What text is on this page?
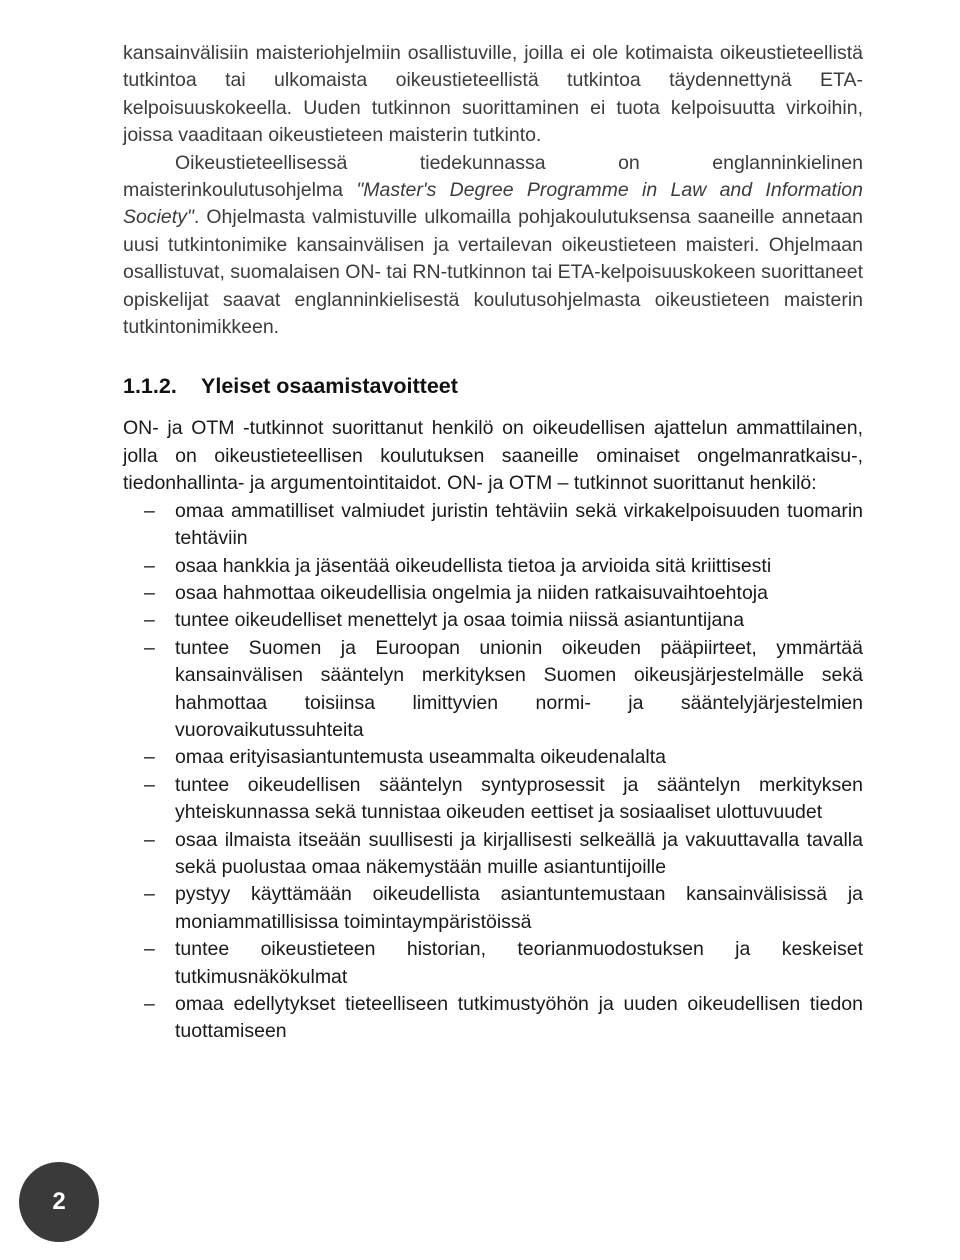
kansainvälisiin maisteriohjelmiin osallistuville, joilla ei ole kotimaista oikeustieteellistä tutkintoa tai ulkomaista oikeustieteellistä tutkintoa täydennettynä ETA-kelpoisuuskokeella. Uuden tutkinnon suorittaminen ei tuota kelpoisuutta virkoihin, joissa vaaditaan oikeustieteen maisterin tutkinto.

Oikeustieteellisessä tiedekunnassa on englanninkielinen maisterinkoulutusohjelma "Master's Degree Programme in Law and Information Society". Ohjelmasta valmistuville ulkomailla pohjakoulutuksensa saaneille annetaan uusi tutkintonimike kansainvälisen ja vertailevan oikeustieteen maisteri. Ohjelmaan osallistuvat, suomalaisen ON- tai RN-tutkinnon tai ETA-kelpoisuuskokeen suorittaneet opiskelijat saavat englanninkielisestä koulutusohjelmasta oikeustieteen maisterin tutkintonimikkeen.

1.1.2.	Yleiset osaamistavoitteet

ON- ja OTM -tutkinnot suorittanut henkilö on oikeudellisen ajattelun ammattilainen, jolla on oikeustieteellisen koulutuksen saaneille ominaiset ongelmanratkaisu-, tiedonhallinta- ja argumentointitaidot. ON- ja OTM – tutkinnot suorittanut henkilö:

– omaa ammatilliset valmiudet juristin tehtäviin sekä virkakelpoisuuden tuomarin tehtäviin
– osaa hankkia ja jäsentää oikeudellista tietoa ja arvioida sitä kriittisesti
– osaa hahmottaa oikeudellisia ongelmia ja niiden ratkaisuvaihtoehtoja
– tuntee oikeudelliset menettelyt ja osaa toimia niissä asiantuntijana
– tuntee Suomen ja Euroopan unionin oikeuden pääpiirteet, ymmärtää kansainvälisen sääntelyn merkityksen Suomen oikeusjärjestelmälle sekä hahmottaa toisiinsa limittyvien normi- ja sääntelyjärjestelmien vuorovaikutussuhteita
– omaa erityisasiantuntemusta useammalta oikeudenalalta
– tuntee oikeudellisen sääntelyn syntyprosessit ja sääntelyn merkityksen yhteiskunnassa sekä tunnistaa oikeuden eettiset ja sosiaaliset ulottuvuudet
– osaa ilmaista itseään suullisesti ja kirjallisesti selkeällä ja vakuuttavalla tavalla sekä puolustaa omaa näkemystään muille asiantuntijoille
– pystyy käyttämään oikeudellista asiantuntemustaan kansainvälisissä ja moniammatillisissa toimintaympäristöissä
– tuntee oikeustieteen historian, teorianmuodostuksen ja keskeiset tutkimusnäkökulmat
– omaa edellytykset tieteelliseen tutkimustyöhön ja uuden oikeudellisen tiedon tuottamiseen
2
